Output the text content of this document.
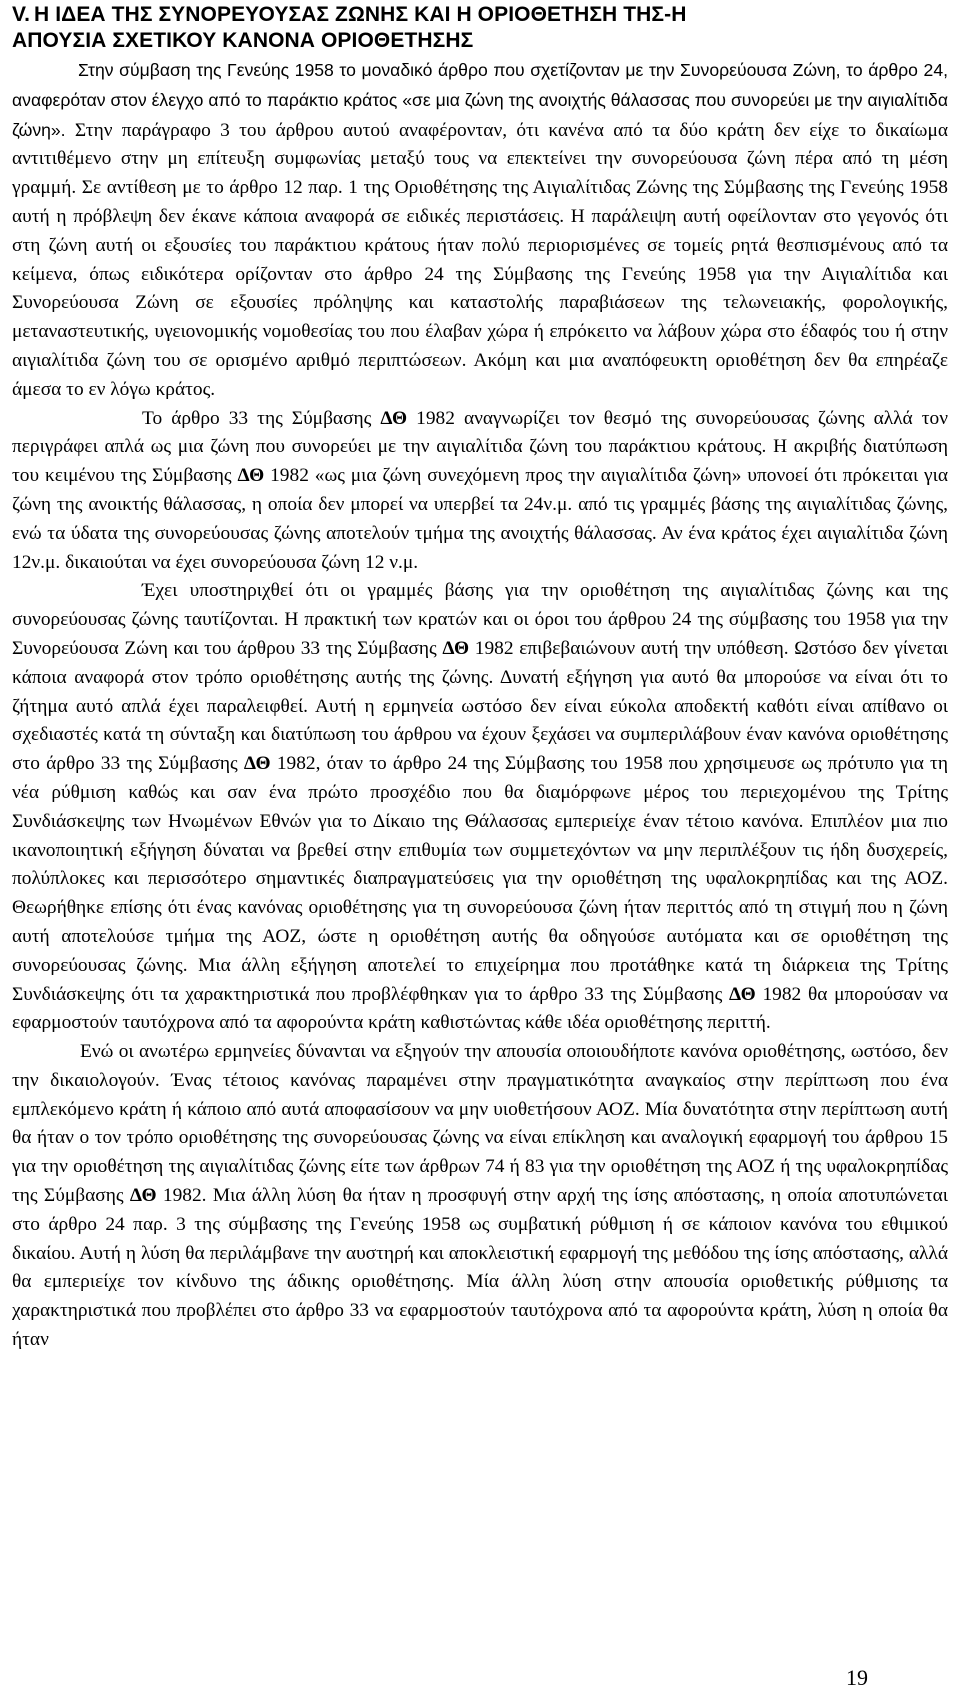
V. Η ΙΔΕΑ ΤΗΣ ΣΥΝΟΡΕΥΟΥΣΑΣ ΖΩΝΗΣ ΚΑΙ Η ΟΡΙΟΘΕΤΗΣΗ ΤΗΣ-Η
ΑΠΟΥΣΙΑ ΣΧΕΤΙΚΟΥ ΚΑΝΟΝΑ ΟΡΙΟΘΕΤΗΣΗΣ

Στην σύμβαση της Γενεύης 1958 το μοναδικό άρθρο που σχετίζονταν με την Συνορεύουσα Ζώνη, το άρθρο 24, αναφερόταν στον έλεγχο από το παράκτιο κράτος «σε μια ζώνη της ανοιχτής θάλασσας που συνορεύει με την αιγιαλίτιδα ζώνη». Στην παράγραφο 3 του άρθρου αυτού αναφέρονταν, ότι κανένα από τα δύο κράτη δεν είχε το δικαίωμα αντιτιθέμενο στην μη επίτευξη συμφωνίας μεταξύ τους να επεκτείνει την συνορεύουσα ζώνη πέρα από τη μέση γραμμή. Σε αντίθεση με το άρθρο 12 παρ. 1 της Οριοθέτησης της Αιγιαλίτιδας Ζώνης της Σύμβασης της Γενεύης 1958 αυτή η πρόβλεψη δεν έκανε κάποια αναφορά σε ειδικές περιστάσεις. Η παράλειψη αυτή οφείλονταν στο γεγονός ότι στη ζώνη αυτή οι εξουσίες του παράκτιου κράτους ήταν πολύ περιορισμένες σε τομείς ρητά θεσπισμένους από τα κείμενα, όπως ειδικότερα ορίζονταν στο άρθρο 24 της Σύμβασης της Γενεύης 1958 για την Αιγιαλίτιδα και Συνορεύουσα Ζώνη σε εξουσίες πρόληψης και καταστολής παραβιάσεων της τελωνειακής, φορολογικής, μεταναστευτικής, υγειονομικής νομοθεσίας του που έλαβαν χώρα ή επρόκειτο να λάβουν χώρα στο έδαφός του ή στην αιγιαλίτιδα ζώνη του σε ορισμένο αριθμό περιπτώσεων. Ακόμη και μια αναπόφευκτη οριοθέτηση δεν θα επηρέαζε άμεσα το εν λόγω κράτος.

Το άρθρο 33 της Σύμβασης ΔΘ 1982 αναγνωρίζει τον θεσμό της συνορεύουσας ζώνης αλλά τον περιγράφει απλά ως μια ζώνη που συνορεύει με την αιγιαλίτιδα ζώνη του παράκτιου κράτους. Η ακριβής διατύπωση του κειμένου της Σύμβασης ΔΘ 1982 «ως μια ζώνη συνεχόμενη προς την αιγιαλίτιδα ζώνη» υπονοεί ότι πρόκειται για ζώνη της ανοικτής θάλασσας, η οποία δεν μπορεί να υπερβεί τα 24ν.μ. από τις γραμμές βάσης της αιγιαλίτιδας ζώνης, ενώ τα ύδατα της συνορεύουσας ζώνης αποτελούν τμήμα της ανοιχτής θάλασσας. Αν ένα κράτος έχει αιγιαλίτιδα ζώνη 12ν.μ. δικαιούται να έχει συνορεύουσα ζώνη 12 ν.μ.

Έχει υποστηριχθεί ότι οι γραμμές βάσης για την οριοθέτηση της αιγιαλίτιδας ζώνης και της συνορεύουσας ζώνης ταυτίζονται. Η πρακτική των κρατών και οι όροι του άρθρου 24 της σύμβασης του 1958 για την Συνορεύουσα Ζώνη και του άρθρου 33 της Σύμβασης ΔΘ 1982 επιβεβαιώνουν αυτή την υπόθεση. Ωστόσο δεν γίνεται κάποια αναφορά στον τρόπο οριοθέτησης αυτής της ζώνης. Δυνατή εξήγηση για αυτό θα μπορούσε να είναι ότι το ζήτημα αυτό απλά έχει παραλειφθεί. Αυτή η ερμηνεία ωστόσο δεν είναι εύκολα αποδεκτή καθότι είναι απίθανο οι σχεδιαστές κατά τη σύνταξη και διατύπωση του άρθρου να έχουν ξεχάσει να συμπεριλάβουν έναν κανόνα οριοθέτησης στο άρθρο 33 της Σύμβασης ΔΘ 1982, όταν το άρθρο 24 της Σύμβασης του 1958 που χρησιμευσε ως πρότυπο για τη νέα ρύθμιση καθώς και σαν ένα πρώτο προσχέδιο που θα διαμόρφωνε μέρος του περιεχομένου της Τρίτης Συνδιάσκεψης των Ηνωμένων Εθνών για το Δίκαιο της Θάλασσας εμπεριείχε έναν τέτοιο κανόνα. Επιπλέον μια πιο ικανοποιητική εξήγηση δύναται να βρεθεί στην επιθυμία των συμμετεχόντων να μην περιπλέξουν τις ήδη δυσχερείς, πολύπλοκες και περισσότερο σημαντικές διαπραγματεύσεις για την οριοθέτηση της υφαλοκρηπίδας και της ΑΟΖ. Θεωρήθηκε επίσης ότι ένας κανόνας οριοθέτησης για τη συνορεύουσα ζώνη ήταν περιττός από τη στιγμή που η ζώνη αυτή αποτελούσε τμήμα της ΑΟΖ, ώστε η οριοθέτηση αυτής θα οδηγούσε αυτόματα και σε οριοθέτηση της συνορεύουσας ζώνης. Μια άλλη εξήγηση αποτελεί το επιχείρημα που προτάθηκε κατά τη διάρκεια της Τρίτης Συνδιάσκεψης ότι τα χαρακτηριστικά που προβλέφθηκαν για το άρθρο 33 της Σύμβασης ΔΘ 1982 θα μπορούσαν να εφαρμοστούν ταυτόχρονα από τα αφορούντα κράτη καθιστώντας κάθε ιδέα οριοθέτησης περιττή.

Ενώ οι ανωτέρω ερμηνείες δύνανται να εξηγούν την απουσία οποιουδήποτε κανόνα οριοθέτησης, ωστόσο, δεν την δικαιολογούν. Ένας τέτοιος κανόνας παραμένει στην πραγματικότητα αναγκαίος στην περίπτωση που ένα εμπλεκόμενο κράτη ή κάποιο από αυτά αποφασίσουν να μην υιοθετήσουν ΑΟΖ. Μία δυνατότητα στην περίπτωση αυτή θα ήταν ο τον τρόπο οριοθέτησης της συνορεύουσας ζώνης να είναι επίκληση και αναλογική εφαρμογή του άρθρου 15 για την οριοθέτηση της αιγιαλίτιδας ζώνης είτε των άρθρων 74 ή 83 για την οριοθέτηση της ΑΟΖ ή της υφαλοκρηπίδας της Σύμβασης ΔΘ 1982. Μια άλλη λύση θα ήταν η προσφυγή στην αρχή της ίσης απόστασης, η οποία αποτυπώνεται στο άρθρο 24 παρ. 3 της σύμβασης της Γενεύης 1958 ως συμβατική ρύθμιση ή σε κάποιον κανόνα του εθιμικού δικαίου. Αυτή η λύση θα περιλάμβανε την αυστηρή και αποκλειστική εφαρμογή της μεθόδου της ίσης απόστασης, αλλά θα εμπεριείχε τον κίνδυνο της άδικης οριοθέτησης. Μία άλλη λύση στην απουσία οριοθετικής ρύθμισης τα χαρακτηριστικά που προβλέπει στο άρθρο 33 να εφαρμοστούν ταυτόχρονα από τα αφορούντα κράτη, λύση η οποία θα ήταν

19
